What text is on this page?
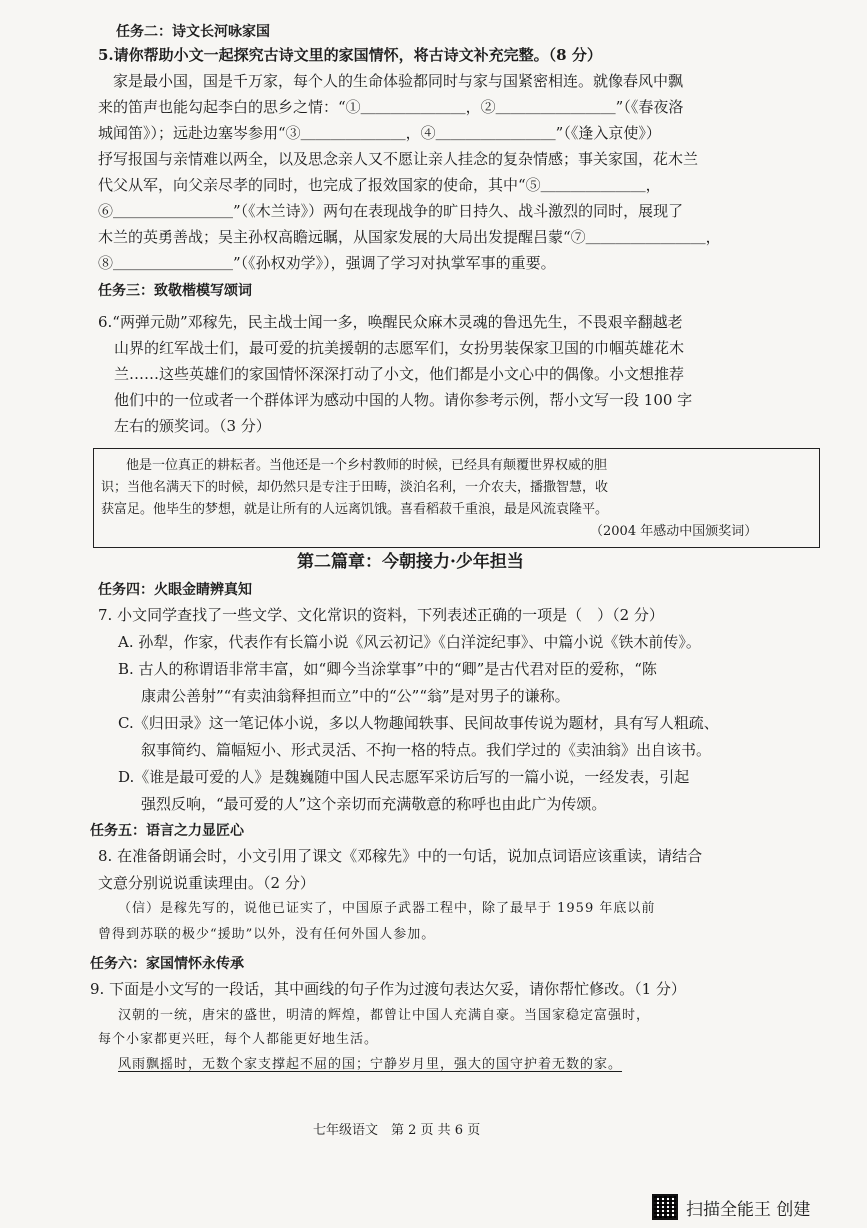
任务二：诗文长河咏家国
5.请你帮助小文一起探究古诗文里的家国情怀，将古诗文补充完整。（8 分）
　家是最小国，国是千万家，每个人的生命体验都同时与家与国紧密相连。就像春风中飘
来的笛声也能勾起李白的思乡之情：“①＿＿＿＿＿＿＿，②＿＿＿＿＿＿＿＿”（《春夜洛
城闻笛》）；远赴边塞岑参用“③＿＿＿＿＿＿＿，④＿＿＿＿＿＿＿＿”（《逢入京使》）
抒写报国与亲情难以两全，以及思念亲人又不愿让亲人挂念的复杂情感；事关家国，花木兰
代父从军，向父亲尽孝的同时，也完成了报效国家的使命，其中“⑤＿＿＿＿＿＿＿，
⑥＿＿＿＿＿＿＿＿”（《木兰诗》）两句在表现战争的旷日持久、战斗激烈的同时，展现了
木兰的英勇善战；吴主孙权高瞻远瞩，从国家发展的大局出发提醒吕蒙“⑦＿＿＿＿＿＿＿＿，
⑧＿＿＿＿＿＿＿＿”（《孙权劝学》），强调了学习对执掌军事的重要。
任务三：致敬楷模写颂词
6.“两弹元勋”邓稼先，民主战士闻一多，唤醒民众麻木灵魂的鲁迅先生，不畏艰辛翻越老
山界的红军战士们，最可爱的抗美援朝的志愿军们，女扮男装保家卫国的巾帼英雄花木
兰……这些英雄们的家国情怀深深打动了小文，他们都是小文心中的偶像。小文想推荐
他们中的一位或者一个群体评为感动中国的人物。请你参考示例，帮小文写一段 100 字
左右的颁奖词。（3 分）
他是一位真正的耕耘者。当他还是一个乡村教师的时候，已经具有颠覆世界权威的胆
识；当他名满天下的时候，却仍然只是专注于田畴，淡泊名利，一介农夫，播撒智慧，收
获富足。他毕生的梦想，就是让所有的人远离饥饿。喜看稻菽千重浪，最是风流袁隆平。
（2004 年感动中国颁奖词）
第二篇章：今朝接力·少年担当
任务四：火眼金睛辨真知
7. 小文同学查找了一些文学、文化常识的资料，下列表述正确的一项是（　）（2 分）
A. 孙犁，作家，代表作有长篇小说《风云初记》《白洋淀纪事》、中篇小说《铁木前传》。
B. 古人的称谓语非常丰富，如“卿今当涂掌事”中的“卿”是古代君对臣的爱称，“陈
康肃公善射”“有卖油翁释担而立”中的“公”“翁”是对男子的谦称。
C.《归田录》这一笔记体小说，多以人物趣闻轶事、民间故事传说为题材，具有写人粗疏、
叙事简约、篇幅短小、形式灵活、不拘一格的特点。我们学过的《卖油翁》出自该书。
D.《谁是最可爱的人》是魏巍随中国人民志愿军采访后写的一篇小说，一经发表，引起
强烈反响，“最可爱的人”这个亲切而充满敬意的称呼也由此广为传颂。
任务五：语言之力显匠心
8. 在准备朗诵会时，小文引用了课文《邓稼先》中的一句话，说加点词语应该重读，请结合
文意分别说说重读理由。（2 分）
（信）是稼先写的，说他已证实了，中国原子武器工程中，除了最早于 1959 年底以前
曾得到苏联的极少“援助”以外，没有任何外国人参加。
任务六：家国情怀永传承
9. 下面是小文写的一段话，其中画线的句子作为过渡句表达欠妥，请你帮忙修改。（1 分）
汉朝的一统，唐宋的盛世，明清的辉煌，都曾让中国人充满自豪。当国家稳定富强时，
每个小家都更兴旺，每个人都能更好地生活。
风雨飘摇时，无数个家支撑起不屈的国；宁静岁月里，强大的国守护着无数的家。
七年级语文　第 2 页 共 6 页
扫描全能王 创建
